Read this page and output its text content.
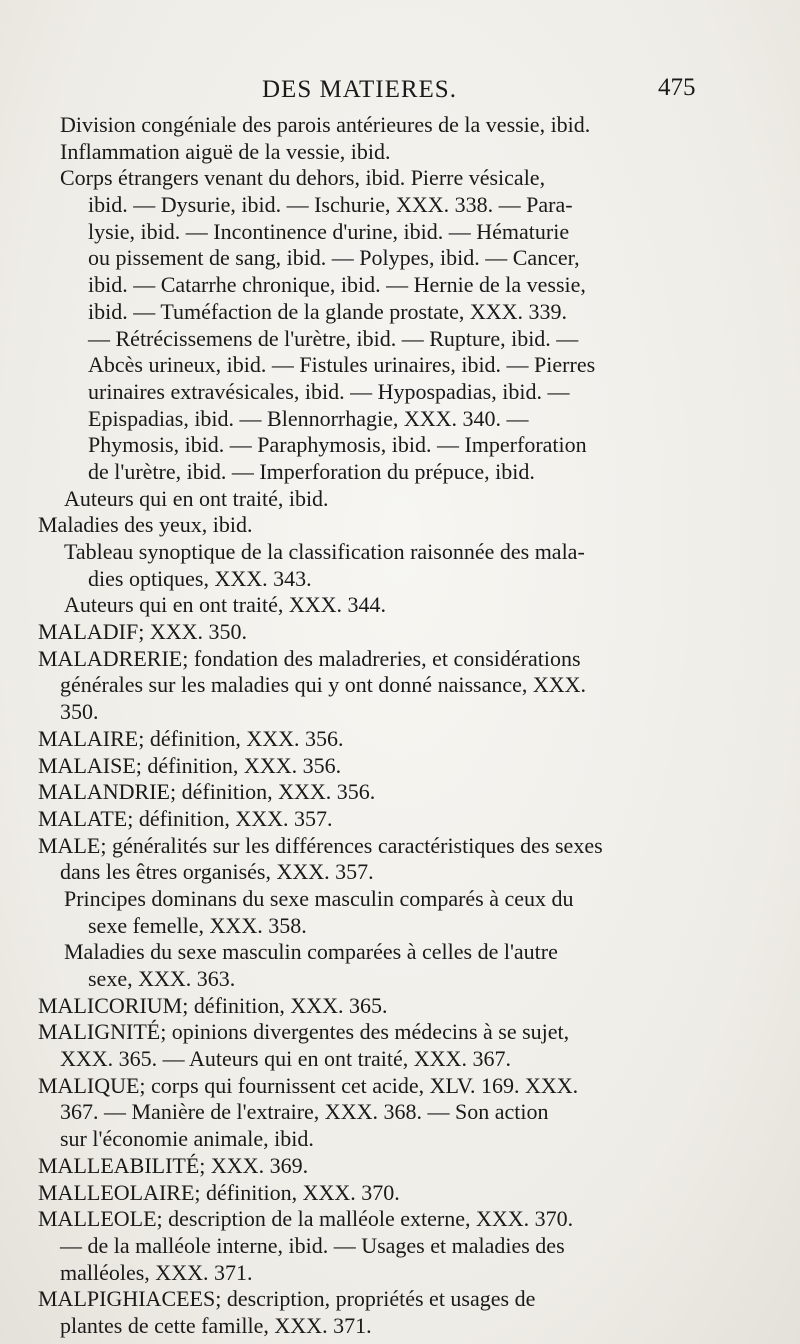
DES MATIERES.	475
Division congéniale des parois antérieures de la vessie, ibid.
Inflammation aiguë de la vessie, ibid.
Corps étrangers venant du dehors, ibid. Pierre vésicale,
ibid. — Dysurie, ibid. — Ischurie, XXX. 338. — Para-
lysie, ibid. — Incontinence d'urine, ibid. — Hématurie
ou pissement de sang, ibid. — Polypes, ibid. — Cancer,
ibid. — Catarrhe chronique, ibid. — Hernie de la vessie,
ibid. — Tuméfaction de la glande prostate, XXX. 339.
— Rétrécissemens de l'urètre, ibid. — Rupture, ibid. —
Abcès urineux, ibid. — Fistules urinaires, ibid. — Pierres
urinaires extravésicales, ibid. — Hypospadias, ibid. —
Epispadias, ibid. — Blennorrhagie, XXX. 340. —
Phymosis, ibid. — Paraphymosis, ibid. — Imperforation
de l'urètre, ibid. — Imperforation du prépuce, ibid.
Auteurs qui en ont traité, ibid.
Maladies des yeux, ibid.
Tableau synoptique de la classification raisonnée des mala-
dies optiques, XXX. 343.
Auteurs qui en ont traité, XXX. 344.
MALADIF; XXX. 350.
MALADRERIE; fondation des maladreries, et considérations
générales sur les maladies qui y ont donné naissance, XXX.
350.
MALAIRE; définition, XXX. 356.
MALAISE; définition, XXX. 356.
MALANDRIE; définition, XXX. 356.
MALATE; définition, XXX. 357.
MALE; généralités sur les différences caractéristiques des sexes
dans les êtres organisés, XXX. 357.
Principes dominans du sexe masculin comparés à ceux du
sexe femelle, XXX. 358.
Maladies du sexe masculin comparées à celles de l'autre
sexe, XXX. 363.
MALICORIUM; définition, XXX. 365.
MALIGNITÉ; opinions divergentes des médecins à se sujet,
XXX. 365. — Auteurs qui en ont traité, XXX. 367.
MALIQUE; corps qui fournissent cet acide, XLV. 169. XXX.
367. — Manière de l'extraire, XXX. 368. — Son action
sur l'économie animale, ibid.
MALLEABILITÉ; XXX. 369.
MALLEOLAIRE; définition, XXX. 370.
MALLEOLE; description de la malléole externe, XXX. 370.
— de la malléole interne, ibid. — Usages et maladies des
malléoles, XXX. 371.
MALPIGHIACEES; description, propriétés et usages de
plantes de cette famille, XXX. 371.
